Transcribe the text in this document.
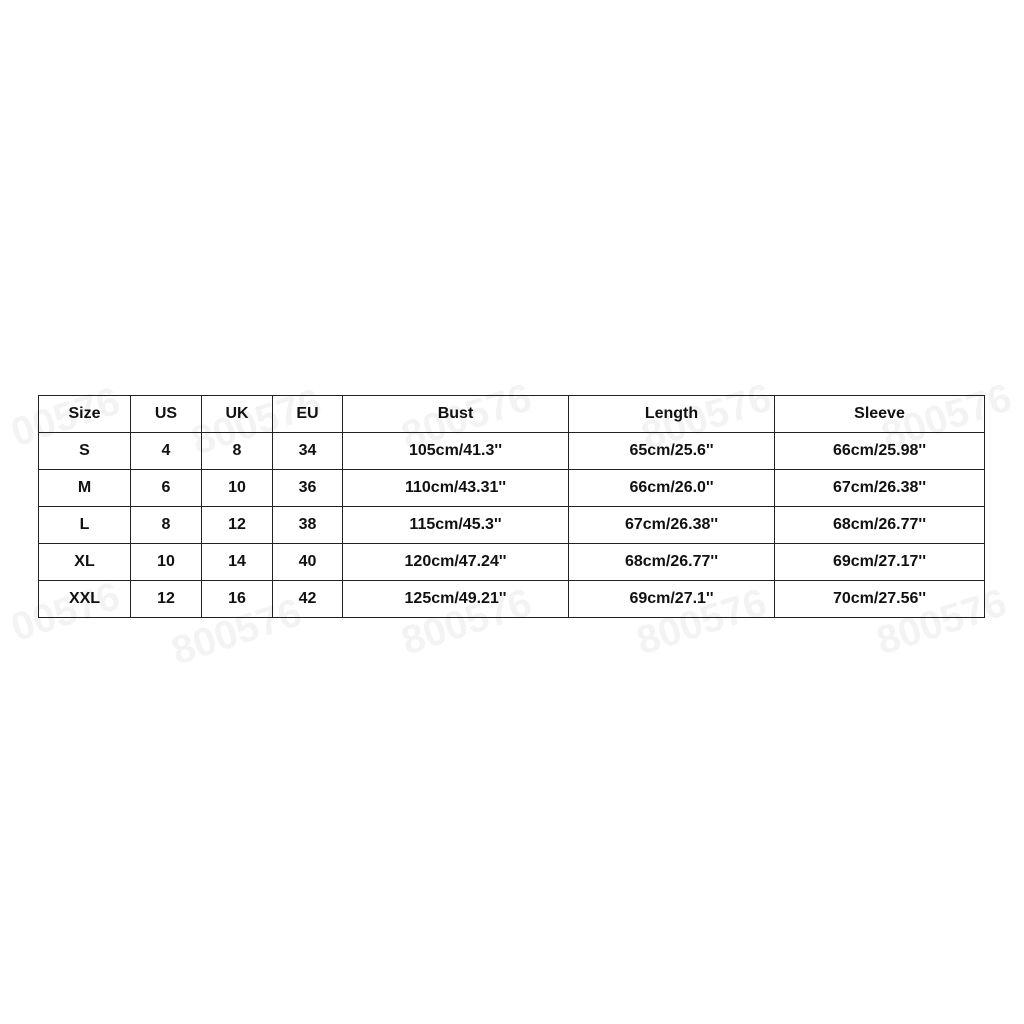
Size	US	UK	EU	Bust	Length	Sleeve
S	4	8	34	105cm/41.3''	65cm/25.6''	66cm/25.98''
M	6	10	36	110cm/43.31''	66cm/26.0''	67cm/26.38''
L	8	12	38	115cm/45.3''	67cm/26.38''	68cm/26.77''
XL	10	14	40	120cm/47.24''	68cm/26.77''	69cm/27.17''
XXL	12	16	42	125cm/49.21''	69cm/27.1''	70cm/27.56''
